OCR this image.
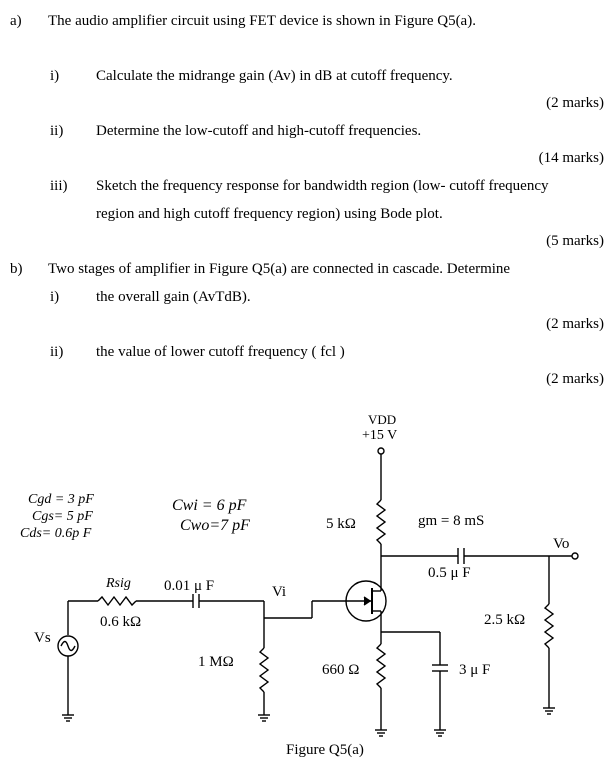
a) The audio amplifier circuit using FET device is shown in Figure Q5(a).
i) Calculate the midrange gain (Av) in dB at cutoff frequency.
(2 marks)
ii) Determine the low-cutoff and high-cutoff frequencies.
(14 marks)
iii) Sketch the frequency response for bandwidth region (low- cutoff frequency
region and high cutoff frequency region) using Bode plot.
(5 marks)
b) Two stages of amplifier in Figure Q5(a) are connected in cascade. Determine
i) the overall gain (AvTdB).
(2 marks)
ii) the value of lower cutoff frequency ( fcl )
(2 marks)
VDD
+15 V
Cgd = 3 pF
Cgs= 5 pF
Cds= 0.6p F
Cwi = 6 pF
Cwo=7 pF	5 kΩ	gm = 8 mS
Vo
0.5 μ F
Rsig
0.6 kΩ
0.01 μ F	Vi
Vs
1 MΩ	660 Ω	3 μ F
2.5 kΩ
Figure Q5(a)
